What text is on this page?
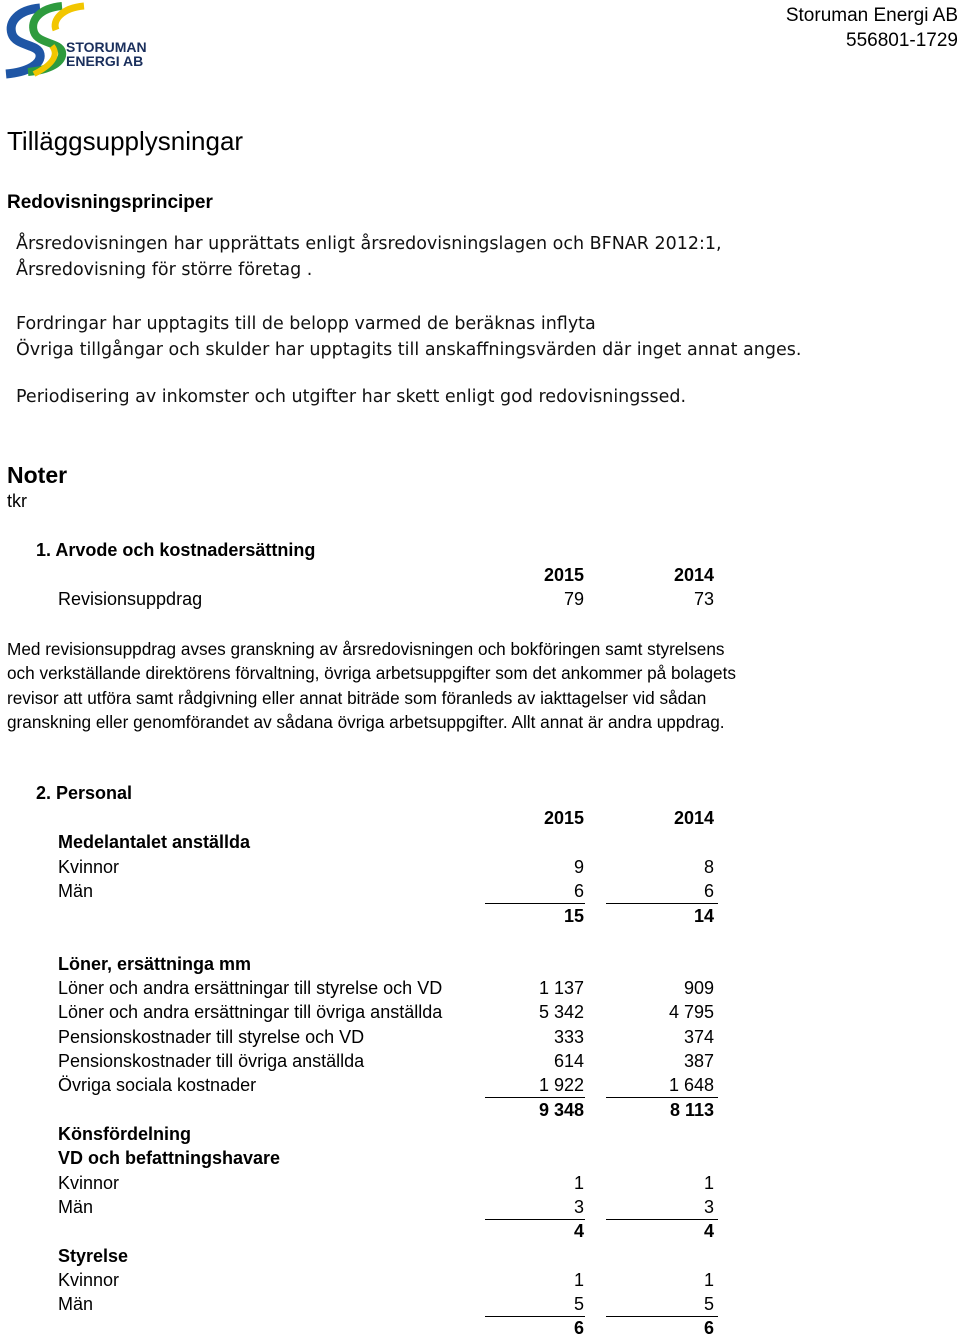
STORUMAN
ENERGI AB
Storuman Energi AB
556801-1729
Tilläggsupplysningar
Redovisningsprinciper
Årsredovisningen har upprättats enligt årsredovisningslagen och BFNAR 2012:1,
Årsredovisning för större företag .
Fordringar har upptagits till de belopp varmed de beräknas inflyta
Övriga tillgångar och skulder har upptagits till anskaffningsvärden där inget annat anges.
Periodisering av inkomster och utgifter har skett enligt god redovisningssed.
Noter
tkr
1. Arvode och kostnadersättning
2015	2014
Revisionsuppdrag	79	73
Med revisionsuppdrag avses granskning av årsredovisningen och bokföringen samt styrelsens
och verkställande direktörens förvaltning, övriga arbetsuppgifter som det ankommer på bolagets
revisor att utföra samt rådgivning eller annat biträde som föranleds av iakttagelser vid sådan
granskning eller genomförandet av sådana övriga arbetsuppgifter. Allt annat är andra uppdrag.
2. Personal
2015	2014
Medelantalet anställda
Kvinnor	9	8
Män	6	6
15	14
Löner, ersättninga mm
Löner och andra ersättningar till styrelse och VD	1 137	909
Löner och andra ersättningar till övriga anställda	5 342	4 795
Pensionskostnader till styrelse och VD	333	374
Pensionskostnader till övriga anställda	614	387
Övriga sociala kostnader	1 922	1 648
9 348	8 113
Könsfördelning
VD och befattningshavare
Kvinnor	1	1
Män	3	3
4	4
Styrelse
Kvinnor	1	1
Män	5	5
6	6
